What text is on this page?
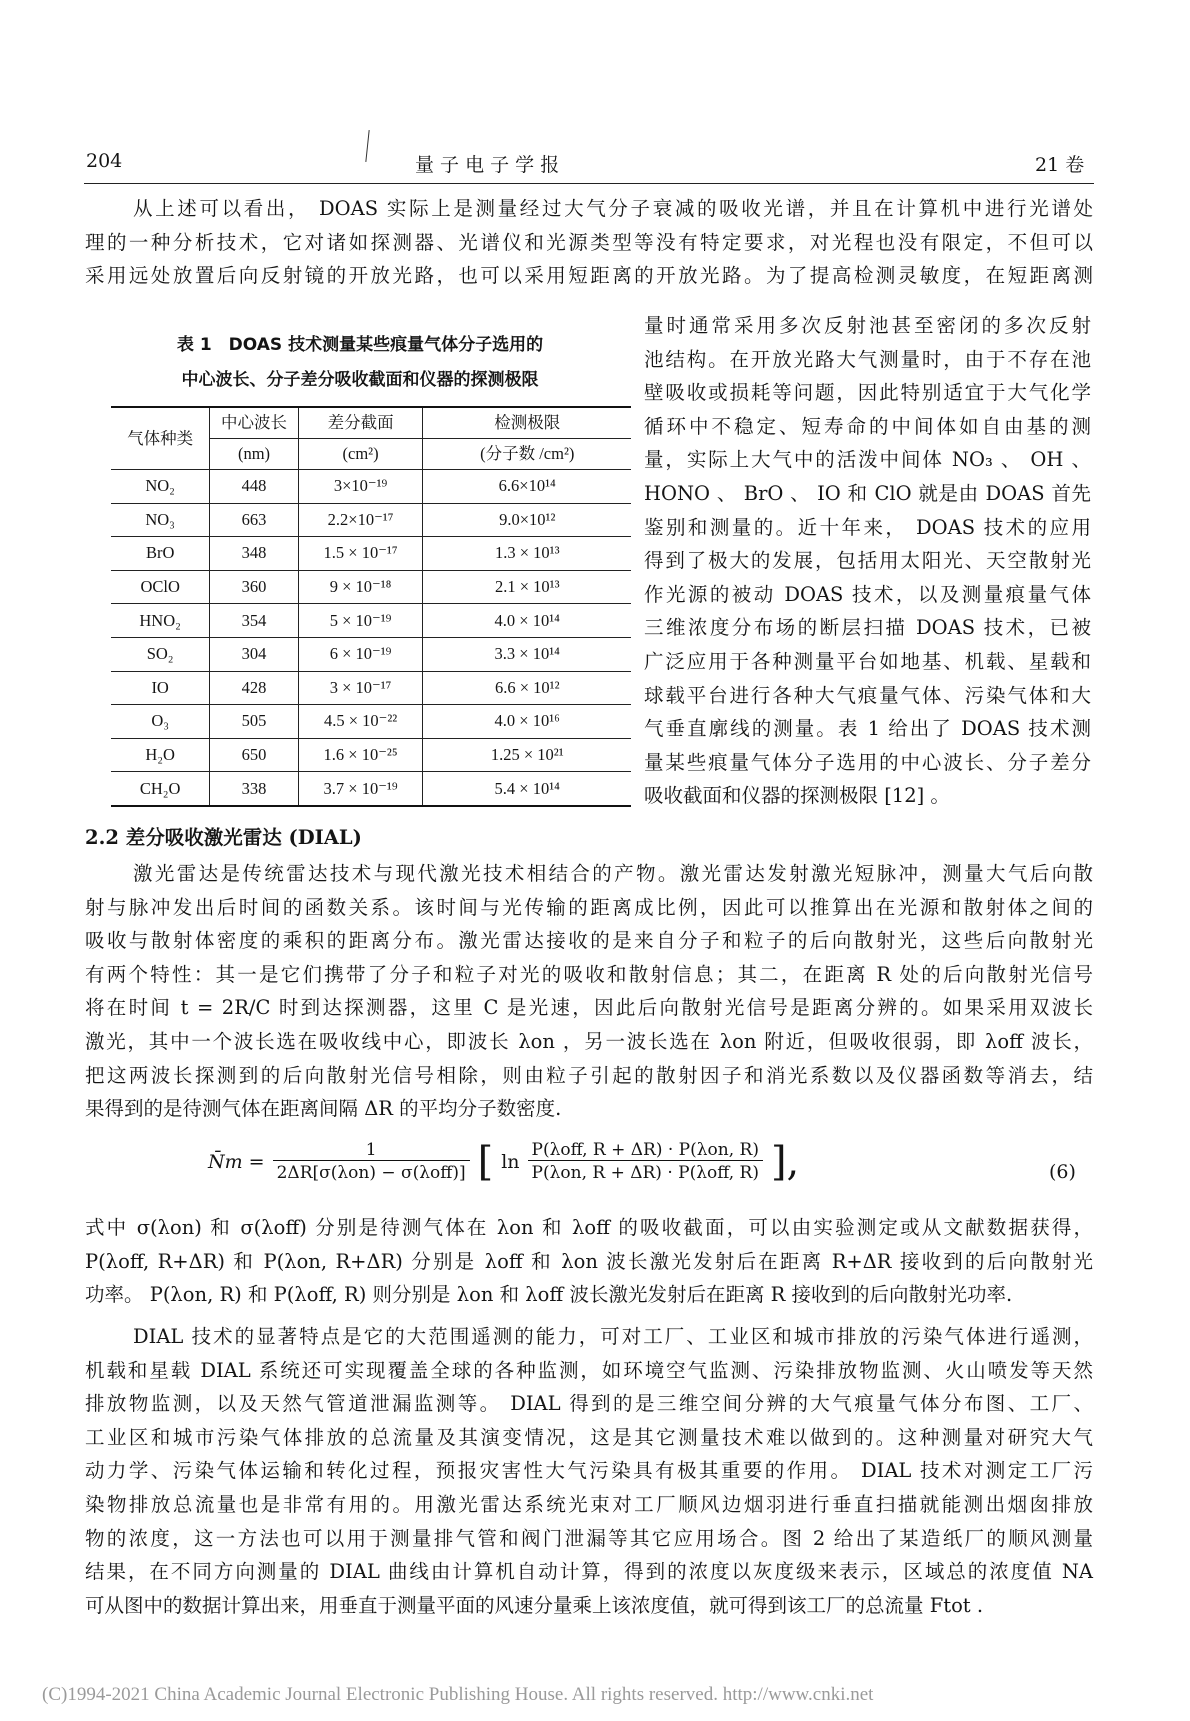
204	量 子 电 子 学 报	21 卷
从上述可以看出， DOAS 实际上是测量经过大气分子衰减的吸收光谱，并且在计算机中进行光谱处
理的一种分析技术，它对诸如探测器、光谱仪和光源类型等没有特定要求，对光程也没有限定，不但可以
采用远处放置后向反射镜的开放光路，也可以采用短距离的开放光路。为了提高检测灵敏度，在短距离测
表 1　DOAS 技术测量某些痕量气体分子选用的
中心波长、分子差分吸收截面和仪器的探测极限
气体种类	中心波长	差分截面	检测极限
	(nm)	(cm²)	(分子数 /cm²)
NO₂	448	3×10⁻¹⁹	6.6×10¹⁴
NO₃	663	2.2×10⁻¹⁷	9.0×10¹²
BrO	348	1.5 × 10⁻¹⁷	1.3 × 10¹³
OClO	360	9 × 10⁻¹⁸	2.1 × 10¹³
HNO₂	354	5 × 10⁻¹⁹	4.0 × 10¹⁴
SO₂	304	6 × 10⁻¹⁹	3.3 × 10¹⁴
IO	428	3 × 10⁻¹⁷	6.6 × 10¹²
O₃	505	4.5 × 10⁻²²	4.0 × 10¹⁶
H₂O	650	1.6 × 10⁻²⁵	1.25 × 10²¹
CH₂O	338	3.7 × 10⁻¹⁹	5.4 × 10¹⁴
量时通常采用多次反射池甚至密闭的多次反射
池结构。在开放光路大气测量时，由于不存在池
壁吸收或损耗等问题，因此特别适宜于大气化学
循环中不稳定、短寿命的中间体如自由基的测
量，实际上大气中的活泼中间体 NO₃ 、 OH 、
HONO 、 BrO 、 IO 和 ClO 就是由 DOAS 首先
鉴别和测量的。近十年来， DOAS 技术的应用
得到了极大的发展，包括用太阳光、天空散射光
作光源的被动 DOAS 技术，以及测量痕量气体
三维浓度分布场的断层扫描 DOAS 技术，已被
广泛应用于各种测量平台如地基、机载、星载和
球载平台进行各种大气痕量气体、污染气体和大
气垂直廓线的测量。表 1 给出了 DOAS 技术测
量某些痕量气体分子选用的中心波长、分子差分
吸收截面和仪器的探测极限 [12] 。
2.2 差分吸收激光雷达 (DIAL)
激光雷达是传统雷达技术与现代激光技术相结合的产物。激光雷达发射激光短脉冲，测量大气后向散
射与脉冲发出后时间的函数关系。该时间与光传输的距离成比例，因此可以推算出在光源和散射体之间的
吸收与散射体密度的乘积的距离分布。激光雷达接收的是来自分子和粒子的后向散射光，这些后向散射光
有两个特性：其一是它们携带了分子和粒子对光的吸收和散射信息；其二，在距离 R 处的后向散射光信号
将在时间 t = 2R/C 时到达探测器，这里 C 是光速，因此后向散射光信号是距离分辨的。如果采用双波长
激光，其中一个波长选在吸收线中心，即波长 λon ，另一波长选在 λon 附近，但吸收很弱，即 λoff 波长，
把这两波长探测到的后向散射光信号相除，则由粒子引起的散射因子和消光系数以及仪器函数等消去，结
果得到的是待测气体在距离间隔 ΔR 的平均分子数密度.
N̄m =
1
2ΔR[σ(λon) − σ(λoff)] [ ln
P(λoff, R + ΔR) · P(λon, R)
P(λon, R + ΔR) · P(λoff, R) ],	(6)
式中 σ(λon) 和 σ(λoff) 分别是待测气体在 λon 和 λoff 的吸收截面，可以由实验测定或从文献数据获得，
P(λoff, R+ΔR) 和 P(λon, R+ΔR) 分别是 λoff 和 λon 波长激光发射后在距离 R+ΔR 接收到的后向散射光
功率。 P(λon, R) 和 P(λoff, R) 则分别是 λon 和 λoff 波长激光发射后在距离 R 接收到的后向散射光功率.
DIAL 技术的显著特点是它的大范围遥测的能力，可对工厂、工业区和城市排放的污染气体进行遥测，
机载和星载 DIAL 系统还可实现覆盖全球的各种监测，如环境空气监测、污染排放物监测、火山喷发等天然
排放物监测，以及天然气管道泄漏监测等。 DIAL 得到的是三维空间分辨的大气痕量气体分布图、工厂、
工业区和城市污染气体排放的总流量及其演变情况，这是其它测量技术难以做到的。这种测量对研究大气
动力学、污染气体运输和转化过程，预报灾害性大气污染具有极其重要的作用。 DIAL 技术对测定工厂污
染物排放总流量也是非常有用的。用激光雷达系统光束对工厂顺风边烟羽进行垂直扫描就能测出烟囱排放
物的浓度，这一方法也可以用于测量排气管和阀门泄漏等其它应用场合。图 2 给出了某造纸厂的顺风测量
结果，在不同方向测量的 DIAL 曲线由计算机自动计算，得到的浓度以灰度级来表示，区域总的浓度值 NA
可从图中的数据计算出来，用垂直于测量平面的风速分量乘上该浓度值，就可得到该工厂的总流量 Ftot .
(C)1994-2021 China Academic Journal Electronic Publishing House. All rights reserved. http://www.cnki.net
